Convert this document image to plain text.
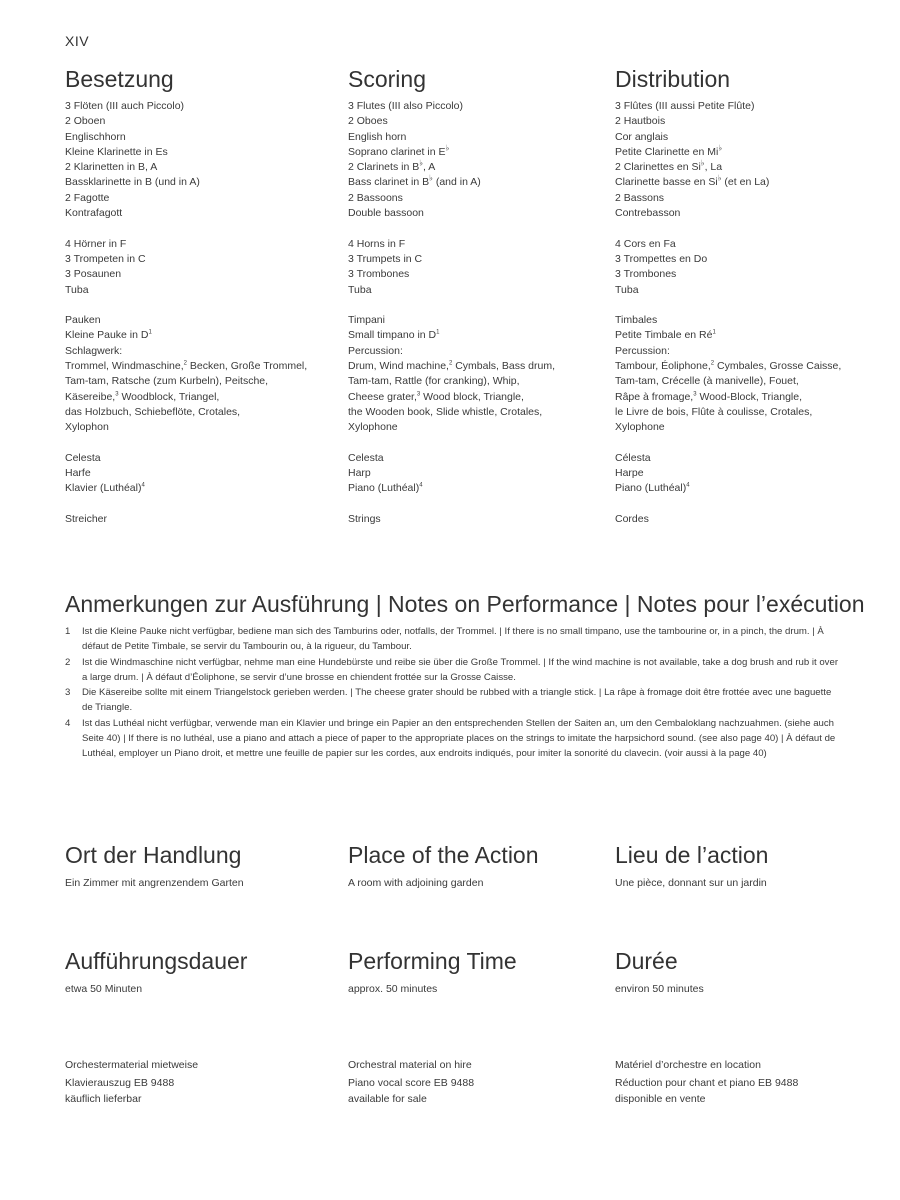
XIV
Besetzung
3 Flöten (III auch Piccolo)
2 Oboen
Englischhorn
Kleine Klarinette in Es
2 Klarinetten in B, A
Bassklarinette in B (und in A)
2 Fagotte
Kontrafagott
4 Hörner in F
3 Trompeten in C
3 Posaunen
Tuba
Pauken
Kleine Pauke in $D^1$
Schlagwerk:
Trommel, Windmaschine,$^2$ Becken, Große Trommel,
Tam-tam, Ratsche (zum Kurbeln), Peitsche,
Käsereibe,$^3$ Woodblock, Triangel,
das Holzbuch, Schiebeflöte, Crotales,
Xylophon
Celesta
Harfe
Klavier (Luthéal)$^4$
Streicher
Scoring
3 Flutes (III also Piccolo)
2 Oboes
English horn
Soprano clarinet in E♭
2 Clarinets in B♭, A
Bass clarinet in B♭ (and in A)
2 Bassoons
Double bassoon
4 Horns in F
3 Trumpets in C
3 Trombones
Tuba
Timpani
Small timpano in $D^1$
Percussion:
Drum, Wind machine,$^2$ Cymbals, Bass drum,
Tam-tam, Rattle (for cranking), Whip,
Cheese grater,$^3$ Wood block, Triangle,
the Wooden book, Slide whistle, Crotales,
Xylophone
Celesta
Harp
Piano (Luthéal)$^4$
Strings
Distribution
3 Flûtes (III aussi Petite Flûte)
2 Hautbois
Cor anglais
Petite Clarinette en Mi♭
2 Clarinettes en Si♭, La
Clarinette basse en Si♭ (et en La)
2 Bassons
Contrebasson
4 Cors en Fa
3 Trompettes en Do
3 Trombones
Tuba
Timbales
Petite Timbale en $Ré^1$
Percussion:
Tambour, Éoliphone,$^2$ Cymbales, Grosse Caisse,
Tam-tam, Crécelle (à manivelle), Fouet,
Râpe à fromage,$^3$ Wood-Block, Triangle,
le Livre de bois, Flûte à coulisse, Crotales,
Xylophone
Célesta
Harpe
Piano (Luthéal)$^4$
Cordes
Anmerkungen zur Ausführung | Notes on Performance | Notes pour l’exécution
1 Ist die Kleine Pauke nicht verfügbar, bediene man sich des Tamburins oder, notfalls, der Trommel. | If there is no small timpano, use the tambourine or, in a pinch, the drum. | À défaut de Petite Timbale, se servir du Tambourin ou, à la rigueur, du Tambour.
2 Ist die Windmaschine nicht verfügbar, nehme man eine Hundebürste und reibe sie über die Große Trommel. | If the wind machine is not available, take a dog brush and rub it over a large drum. | À défaut d’Éoliphone, se servir d’une brosse en chiendent frottée sur la Grosse Caisse.
3 Die Käsereibe sollte mit einem Triangelstock gerieben werden. | The cheese grater should be rubbed with a triangle stick. | La râpe à fromage doit être frottée avec une baguette de Triangle.
4 Ist das Luthéal nicht verfügbar, verwende man ein Klavier und bringe ein Papier an den entsprechenden Stellen der Saiten an, um den Cembaloklang nachzuahmen. (siehe auch Seite 40) | If there is no luthéal, use a piano and attach a piece of paper to the appropriate places on the strings to imitate the harpsichord sound. (see also page 40) | À défaut de Luthéal, employer un Piano droit, et mettre une feuille de papier sur les cordes, aux endroits indiqués, pour imiter la sonorité du clavecin. (voir aussi à la page 40)
Ort der Handlung
Ein Zimmer mit angrenzendem Garten
Place of the Action
A room with adjoining garden
Lieu de l’action
Une pièce, donnant sur un jardin
Aufführungsdauer
etwa 50 Minuten
Performing Time
approx. 50 minutes
Durée
environ 50 minutes
Orchestermaterial mietweise
Klavierauszug EB 9488
käuflich lieferbar
Orchestral material on hire
Piano vocal score EB 9488
available for sale
Matériel d’orchestre en location
Réduction pour chant et piano EB 9488
disponible en vente
